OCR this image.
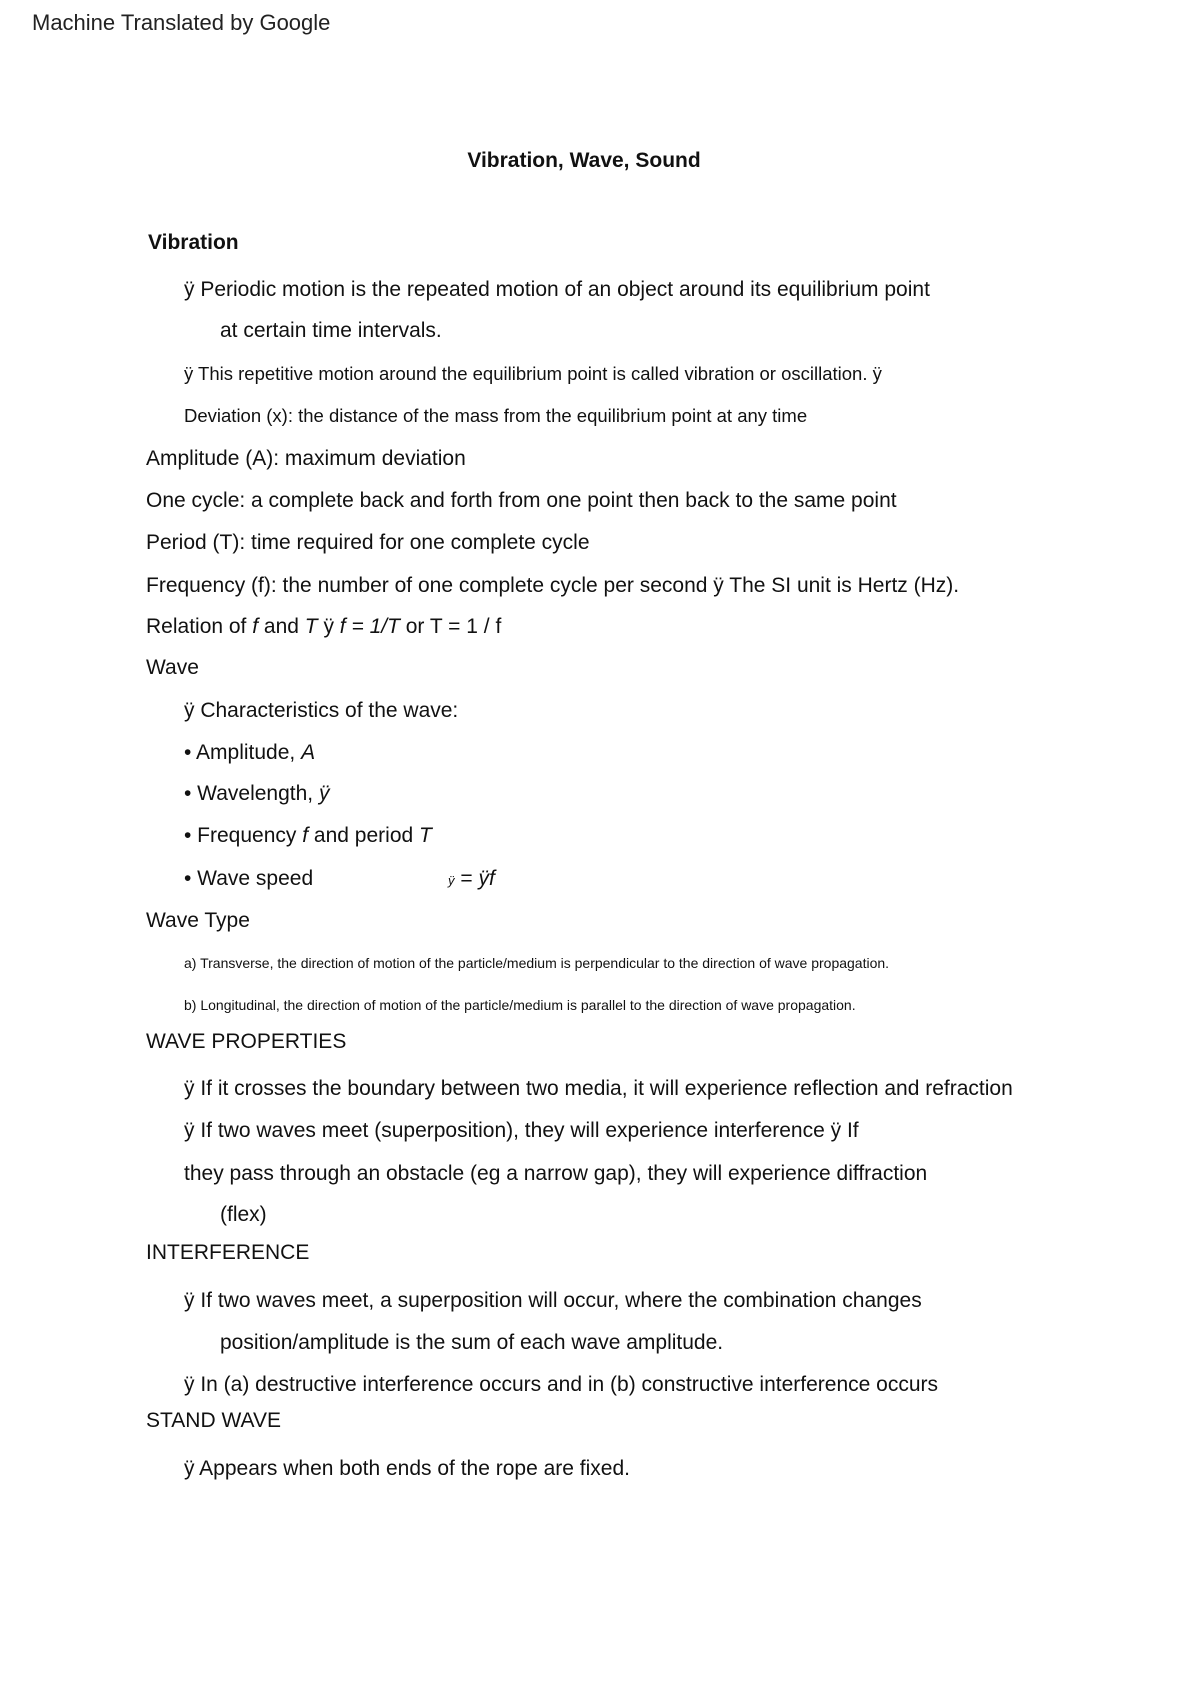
Machine Translated by Google
Vibration, Wave, Sound
Vibration
ÿ Periodic motion is the repeated motion of an object around its equilibrium point
at certain time intervals.
ÿ This repetitive motion around the equilibrium point is called vibration or oscillation. ÿ
Deviation (x): the distance of the mass from the equilibrium point at any time
Amplitude (A): maximum deviation
One cycle: a complete back and forth from one point then back to the same point
Period (T): time required for one complete cycle
Frequency (f): the number of one complete cycle per second ÿ The SI unit is Hertz (Hz).
Relation of f and T ÿ f = 1/T or T = 1 / f
Wave
ÿ Characteristics of the wave:
• Amplitude, A
• Wavelength, ÿ
• Frequency f and period T
• Wave speed	ÿ = ÿf
Wave Type
a) Transverse, the direction of motion of the particle/medium is perpendicular to the direction of wave propagation.
b) Longitudinal, the direction of motion of the particle/medium is parallel to the direction of wave propagation.
WAVE PROPERTIES
ÿ If it crosses the boundary between two media, it will experience reflection and refraction
ÿ If two waves meet (superposition), they will experience interference ÿ If
they pass through an obstacle (eg a narrow gap), they will experience diffraction
(flex)
INTERFERENCE
ÿ If two waves meet, a superposition will occur, where the combination changes
position/amplitude is the sum of each wave amplitude.
ÿ In (a) destructive interference occurs and in (b) constructive interference occurs
STAND WAVE
ÿ Appears when both ends of the rope are fixed.
